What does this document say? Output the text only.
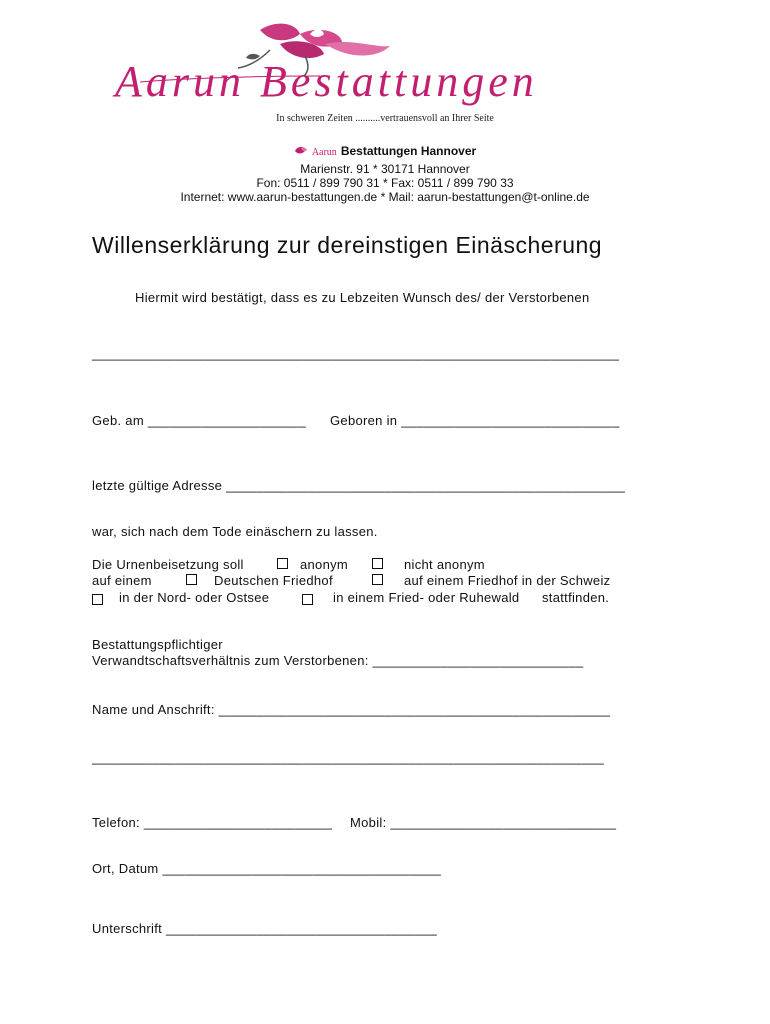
Aarun Bestattungen
In schweren Zeiten ..........vertrauensvoll an Ihrer Seite
Aarun Bestattungen Hannover
Marienstr. 91 * 30171 Hannover
Fon: 0511 / 899 790 31 * Fax: 0511 / 899 790 33
Internet: www.aarun-bestattungen.de * Mail: aarun-bestattungen@t-online.de
Willenserklärung zur dereinstigen Einäscherung
Hiermit wird bestätigt, dass es zu Lebzeiten Wunsch des/ der Verstorbenen
______________________________________________________________________
Geb. am _____________________ Geboren in _____________________________
letzte gültige Adresse _____________________________________________________
war, sich nach dem Tode einäschern zu lassen.
Die Urnenbeisetzung soll	anonym	nicht anonym
auf einem	Deutschen Friedhof	auf einem Friedhof in der Schweiz
in der Nord- oder Ostsee	in einem Fried- oder Ruhewald stattfinden.
Bestattungspflichtiger
Verwandtschaftsverhältnis zum Verstorbenen: ____________________________
Name und Anschrift: ____________________________________________________
____________________________________________________________________
Telefon: _________________________ Mobil: ______________________________
Ort, Datum _____________________________________
Unterschrift ____________________________________
